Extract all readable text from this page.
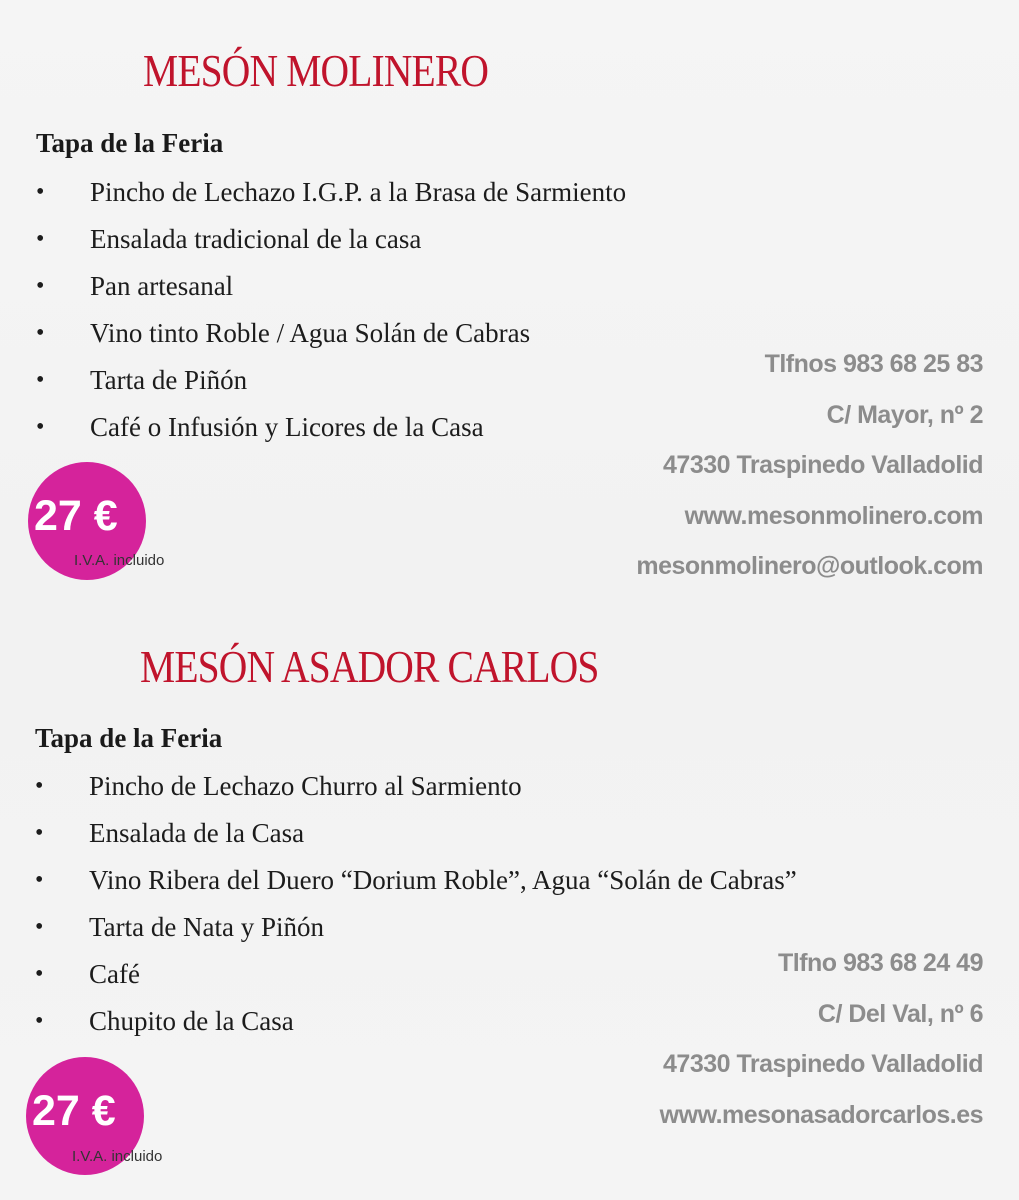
MESÓN MOLINERO
Tapa de la Feria
• Pincho de Lechazo I.G.P. a la Brasa de Sarmiento
• Ensalada tradicional de la casa
• Pan artesanal
• Vino tinto Roble / Agua Solán de Cabras
• Tarta de Piñón
• Café o Infusión y Licores de la Casa
27 €
I.V.A. incluido
Tlfnos 983 68 25 83
C/ Mayor, nº 2
47330 Traspinedo Valladolid
www.mesonmolinero.com
mesonmolinero@outlook.com
MESÓN ASADOR CARLOS
Tapa de la Feria
• Pincho de Lechazo Churro al Sarmiento
• Ensalada de la Casa
• Vino Ribera del Duero “Dorium Roble”, Agua “Solán de Cabras”
• Tarta de Nata y Piñón
• Café
• Chupito de la Casa
27 €
I.V.A. incluido
Tlfno 983 68 24 49
C/ Del Val, nº 6
47330 Traspinedo Valladolid
www.mesonasadorcarlos.es
